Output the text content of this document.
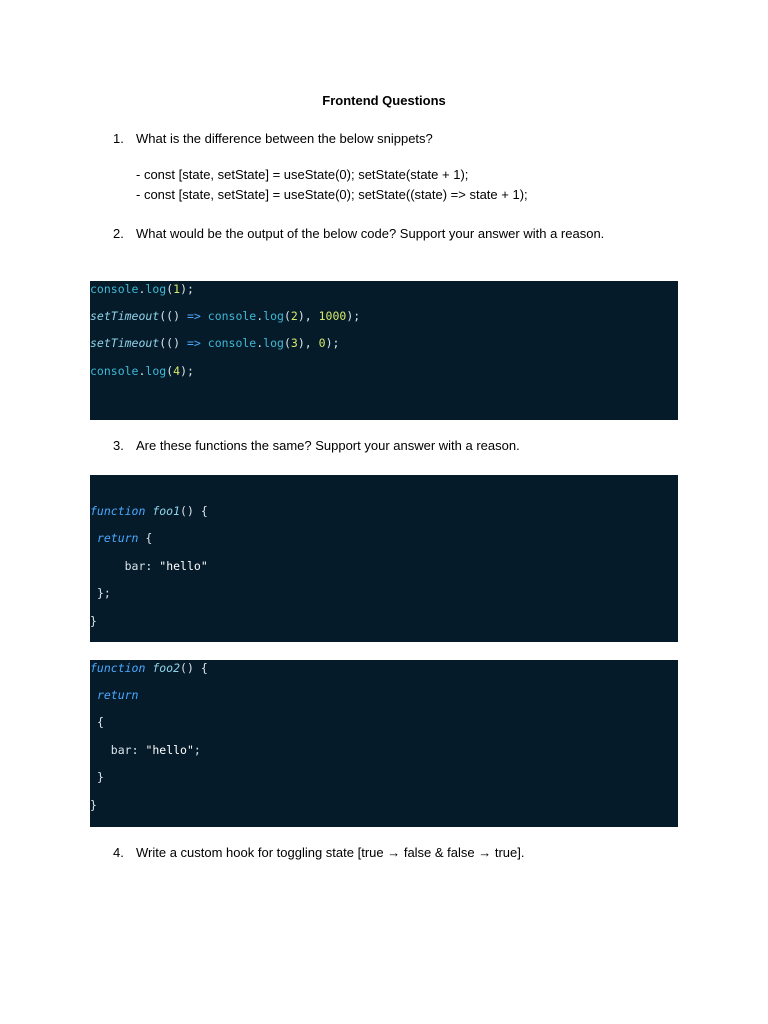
Frontend Questions
1. What is the difference between the below snippets?
- const [state, setState] = useState(0); setState(state + 1);
- const [state, setState] = useState(0); setState((state) => state + 1);
2. What would be the output of the below code? Support your answer with a reason.
console.log(1);
setTimeout(() => console.log(2), 1000);
setTimeout(() => console.log(3), 0);
console.log(4);
3. Are these functions the same? Support your answer with a reason.
function foo1() {
return {
bar: "hello"
};
}
function foo2() {
return
{
bar: "hello";
}
}
4. Write a custom hook for toggling state [true → false & false → true].
